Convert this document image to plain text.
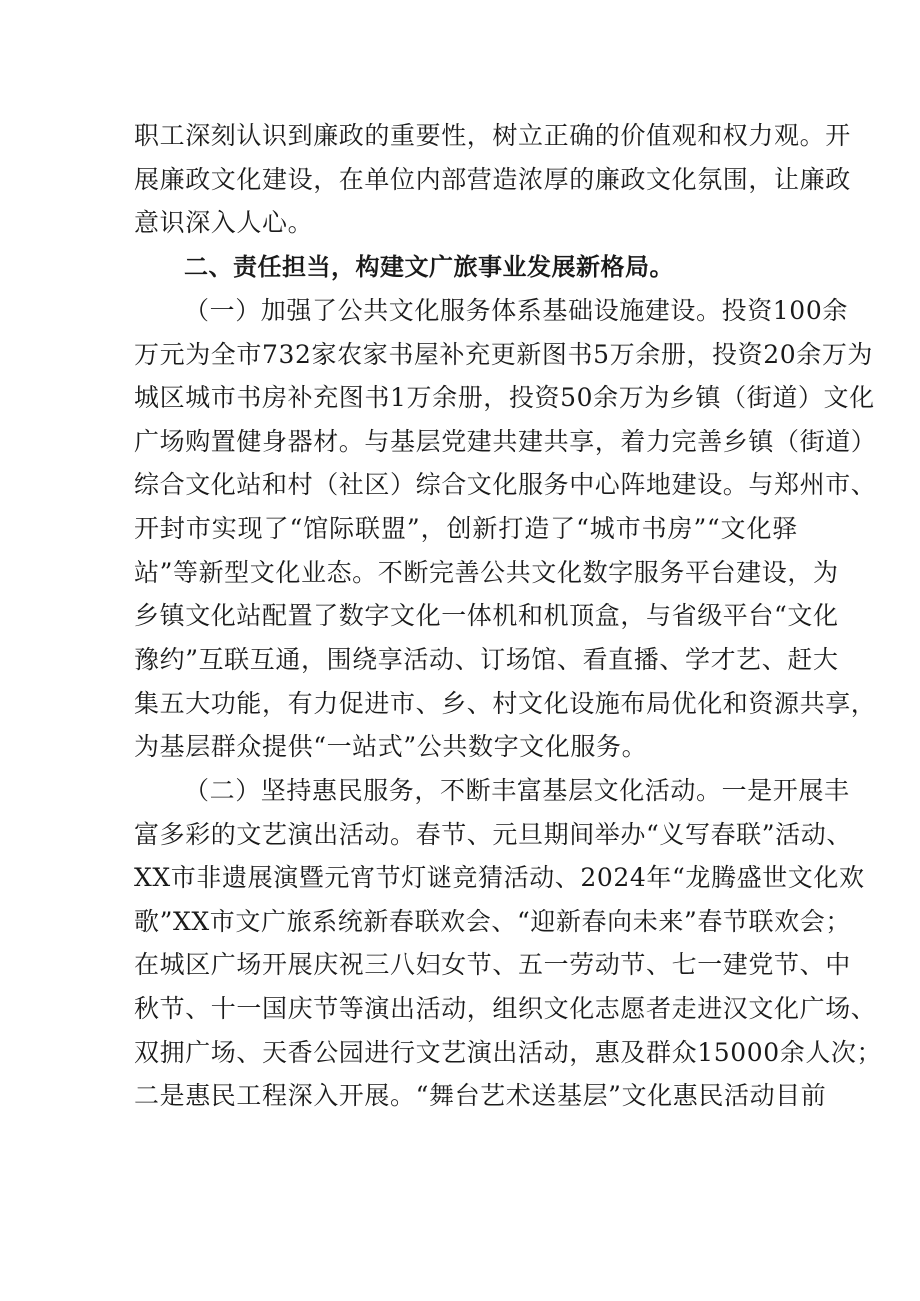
职工深刻认识到廉政的重要性，树立正确的价值观和权力观。开
展廉政文化建设，在单位内部营造浓厚的廉政文化氛围，让廉政
意识深入人心。
二、责任担当，构建文广旅事业发展新格局。
（一）加强了公共文化服务体系基础设施建设。投资100余
万元为全市732家农家书屋补充更新图书5万余册，投资20余万为
城区城市书房补充图书1万余册，投资50余万为乡镇（街道）文化
广场购置健身器材。与基层党建共建共享，着力完善乡镇（街道）
综合文化站和村（社区）综合文化服务中心阵地建设。与郑州市、
开封市实现了“馆际联盟”，创新打造了“城市书房”“文化驿
站”等新型文化业态。不断完善公共文化数字服务平台建设，为
乡镇文化站配置了数字文化一体机和机顶盒，与省级平台“文化
豫约”互联互通，围绕享活动、订场馆、看直播、学才艺、赶大
集五大功能，有力促进市、乡、村文化设施布局优化和资源共享，
为基层群众提供“一站式”公共数字文化服务。
（二）坚持惠民服务，不断丰富基层文化活动。一是开展丰
富多彩的文艺演出活动。春节、元旦期间举办“义写春联”活动、
XX市非遗展演暨元宵节灯谜竞猜活动、2024年“龙腾盛世文化欢
歌”XX市文广旅系统新春联欢会、“迎新春向未来”春节联欢会；
在城区广场开展庆祝三八妇女节、五一劳动节、七一建党节、中
秋节、十一国庆节等演出活动，组织文化志愿者走进汉文化广场、
双拥广场、天香公园进行文艺演出活动，惠及群众15000余人次；
二是惠民工程深入开展。“舞台艺术送基层”文化惠民活动目前
